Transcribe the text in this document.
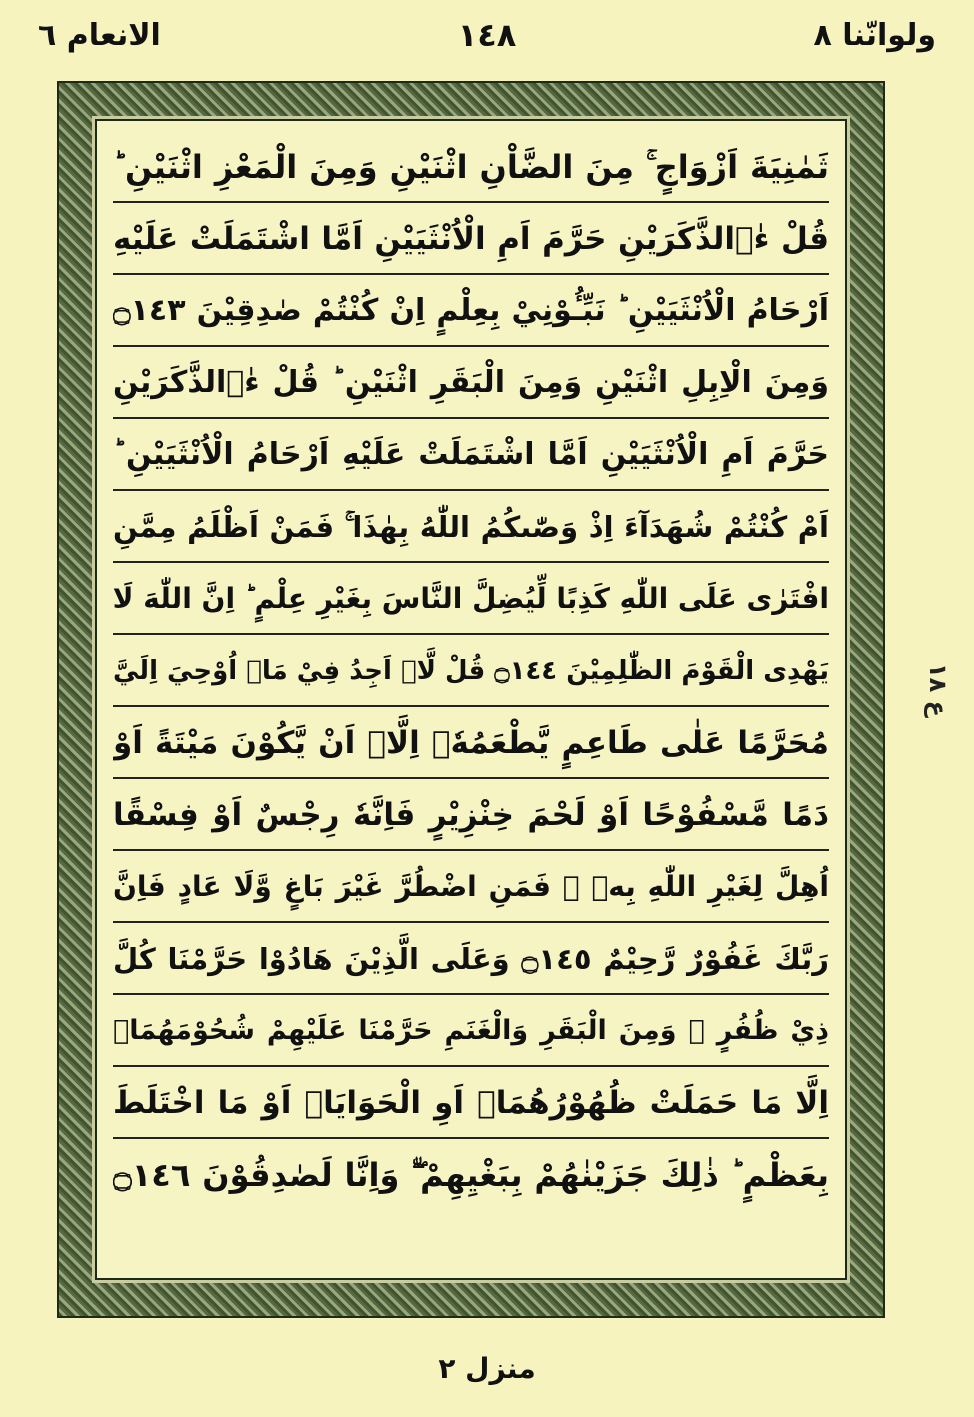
ولوانّنا ٨
١٤٨
الانعام ٦
ثَمٰنِيَةَ اَزْوَاجٍ ۚ مِنَ الضَّاْنِ اثْنَيْنِ وَمِنَ الْمَعْزِ اثْنَيْنِ ؕ
قُلْ ءٰۤالذَّكَرَيْنِ حَرَّمَ اَمِ الْاُنْثَيَيْنِ اَمَّا اشْتَمَلَتْ عَلَيْهِ
اَرْحَامُ الْاُنْثَيَيْنِ ؕ نَبِّـُٔوْنِيْ بِعِلْمٍ اِنْ كُنْتُمْ صٰدِقِيْنَ ۝١٤٣
وَمِنَ الْاِبِلِ اثْنَيْنِ وَمِنَ الْبَقَرِ اثْنَيْنِ ؕ قُلْ ءٰۤالذَّكَرَيْنِ
حَرَّمَ اَمِ الْاُنْثَيَيْنِ اَمَّا اشْتَمَلَتْ عَلَيْهِ اَرْحَامُ الْاُنْثَيَيْنِ ؕ
اَمْ كُنْتُمْ شُهَدَآءَ اِذْ وَصّٰىكُمُ اللّٰهُ بِهٰذَا ۚ فَمَنْ اَظْلَمُ مِمَّنِ
افْتَرٰى عَلَى اللّٰهِ كَذِبًا لِّيُضِلَّ النَّاسَ بِغَيْرِ عِلْمٍ ؕ اِنَّ اللّٰهَ لَا
يَهْدِى الْقَوْمَ الظّٰلِمِيْنَ ۝١٤٤ قُلْ لَّاۤ اَجِدُ فِيْ مَاۤ اُوْحِيَ اِلَيَّ
مُحَرَّمًا عَلٰى طَاعِمٍ يَّطْعَمُهٗۤ اِلَّاۤ اَنْ يَّكُوْنَ مَيْتَةً اَوْ
دَمًا مَّسْفُوْحًا اَوْ لَحْمَ خِنْزِيْرٍ فَاِنَّهٗ رِجْسٌ اَوْ فِسْقًا
اُهِلَّ لِغَيْرِ اللّٰهِ بِهٖ ۚ فَمَنِ اضْطُرَّ غَيْرَ بَاغٍ وَّلَا عَادٍ فَاِنَّ
رَبَّكَ غَفُوْرٌ رَّحِيْمٌ ۝١٤٥ وَعَلَى الَّذِيْنَ هَادُوْا حَرَّمْنَا كُلَّ
ذِيْ ظُفُرٍ ۚ وَمِنَ الْبَقَرِ وَالْغَنَمِ حَرَّمْنَا عَلَيْهِمْ شُحُوْمَهُمَاۤ
اِلَّا مَا حَمَلَتْ ظُهُوْرُهُمَاۤ اَوِ الْحَوَايَاۤ اَوْ مَا اخْتَلَطَ
بِعَظْمٍ ؕ ذٰلِكَ جَزَيْنٰهُمْ بِبَغْيِهِمْ ۖ٘ وَاِنَّا لَصٰدِقُوْنَ ۝١٤٦
ع ۱۸
منزل ٢
